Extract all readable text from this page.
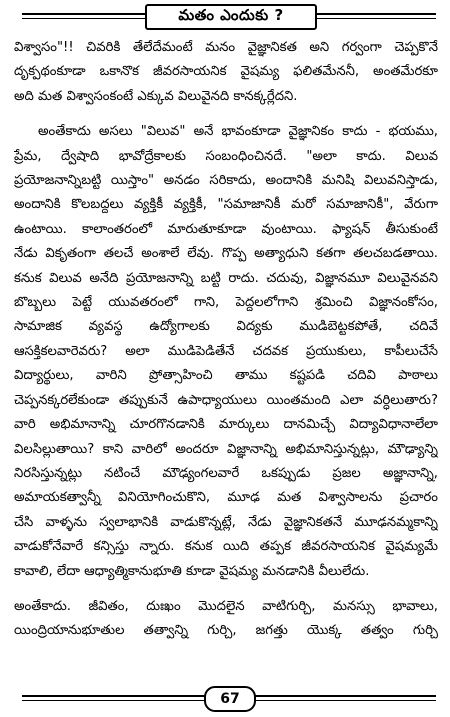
మతం ఎందుకు ?
విశ్వాసం"!! చివరికి తేలేదేమంటే మనం వైజ్ఞానికత అని గర్వంగా చెప్పకొనే
దృక్పథంకూడా ఒకానొక జీవరసాయనిక వైషమ్య ఫలితమేననీ, అంతమేరకూ
అది మత విశ్వాసంకంటే ఎక్కువ విలువైనది కానక్కర్లేదని.
అంతేకాదు అసలు "విలువ" అనే భావంకూడా వైజ్ఞానికం కాదు - భయము,
ప్రేమ, ద్వేషాది భావోద్రేకాలకు సంబంధించినదే. "అలా కాదు. విలువ
ప్రయోజనాన్నిబట్టి యిస్తాం" అనడం సరికాదు, అందానికి మనిషి విలువనిస్తాడు,
అందానికి కొలబద్దలు వ్యక్తికీ వ్యక్తికీ, "సమాజానికీ మరో సమాజానికీ", వేరుగా
ఉంటాయి. కాలాంతరంలో మారుతూకూడా వుంటాయి. ఫ్యాషన్ తీసుకుంటే
నేడు వికృతంగా తలచే అంశాలే లేవు. గొప్ప అత్యాధుని కతగా తలచబడతాయి.
కనుక విలువ అనేది ప్రయోజనాన్ని బట్టి రాదు. చదువు, విజ్ఞానమూ విలువైనవని
బొబ్బలు పెట్టే యువతరంలో గాని, పెద్దలలోగాని శ్రమించి విజ్ఞానంకోసం,
సామాజిక వ్యవస్థ ఉద్యోగాలకు విద్యకు ముడిబెట్టకపోతే, చదివే
ఆసక్తికలవారెవరు? అలా ముడిపెడితేనే చదవక ప్రయుకులు, కాపీలుచేసే
విద్యార్థులు, వారిని ప్రోత్సాహించి తాము కష్టపడి చదివి పాఠాలు
చెప్పనక్కరలేకుండా తప్పుకునే ఉపాధ్యాయులు యింతమంది ఎలా వర్ధిలుతారు?
వారి అభిమానాన్ని చూరగొనడానికి మార్కులు దానమిచ్చే విద్యావిధానాలేలా
విలసిల్లుతాయి? కాని వారిలో అందరూ విజ్ఞానాన్ని అభిమానిస్తున్నట్లు, మౌఢ్యాన్ని
నిరసిస్తున్నట్లు నటించే మౌఢ్యంగలవారే ఒకప్పుడు ప్రజల అజ్ఞానాన్ని,
అమాయకత్వాన్నీ వినియోగించుకొని, మూఢ మత విశ్వాసాలను ప్రచారం
చేసి వాళ్ళను స్వలాభానికి వాడుకొన్నట్లే, నేడు వైజ్ఞానికతనే మూఢనమ్మకాన్ని
వాడుకోనేవారే కన్సిస్తు న్నారు. కనుక యిది తప్పక జీవరసాయనిక వైషమ్యమే
కావాలి, లేదా ఆధ్యాత్మికానుభూతి కూడా వైషమ్య మనడానికి వీలులేదు.
అంతేకాదు. జీవితం, దుఃఖం మొదలైన వాటిగుర్చి, మనస్సు భావాలు,
యింద్రియానుభూతుల తత్వాన్ని గుర్చి, జగత్తు యొక్క తత్వం గుర్చి
67
